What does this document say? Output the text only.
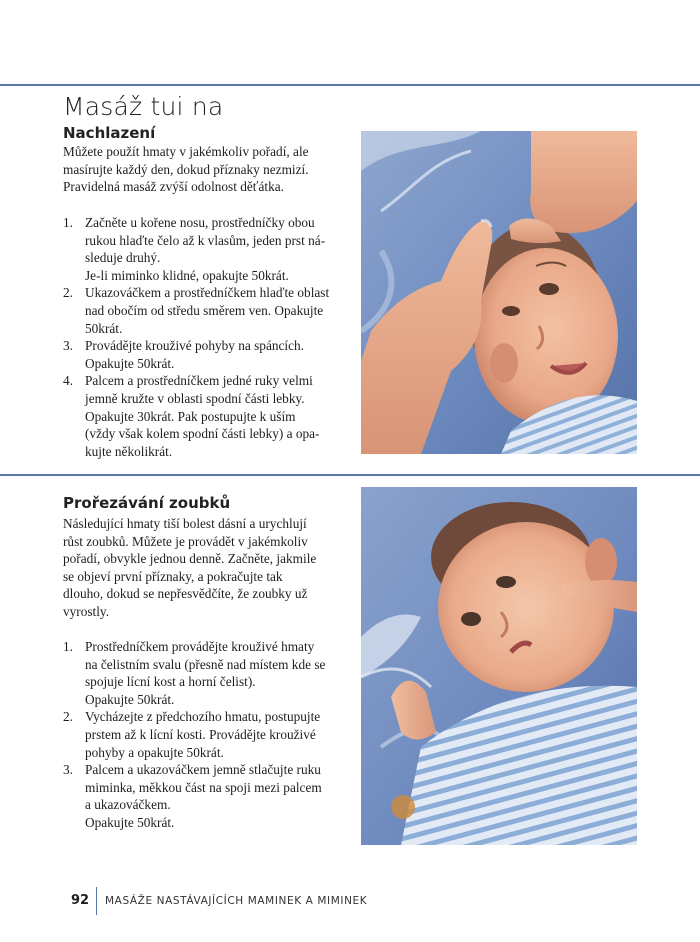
Masáž tui na
Nachlazení

Můžete použít hmaty v jakémkoliv pořadí, ale
masírujte každý den, dokud příznaky nezmizí.
Pravidelná masáž zvýší odolnost děťátka.

1. Začněte u kořene nosu, prostředníčky obou
rukou hlaďte čelo až k vlasům, jeden prst ná-
sleduje druhý.
Je-li miminko klidné, opakujte 50krát.
2. Ukazováčkem a prostředníčkem hlaďte oblast
nad obočím od středu směrem ven. Opakujte
50krát.
3. Provádějte krouživé pohyby na spáncích.
Opakujte 50krát.
4. Palcem a prostředníčkem jedné ruky velmi
jemně kružte v oblasti spodní části lebky.
Opakujte 30krát. Pak postupujte k uším
(vždy však kolem spodní části lebky) a opa-
kujte několikrát.
Prořezávání zoubků

Následující hmaty tiší bolest dásní a urychlují
růst zoubků. Můžete je provádět v jakémkoliv
pořadí, obvykle jednou denně. Začněte, jakmile
se objeví první příznaky, a pokračujte tak
dlouho, dokud se nepřesvědčíte, že zoubky už
vyrostly.

1. Prostředníčkem provádějte krouživé hmaty
na čelistním svalu (přesně nad místem kde se
spojuje lícní kost a horní čelist).
Opakujte 50krát.
2. Vycházejte z předchozího hmatu, postupujte
prstem až k lícní kosti. Provádějte krouživé
pohyby a opakujte 50krát.
3. Palcem a ukazováčkem jemně stlačujte ruku
miminka, měkkou část na spoji mezi palcem
a ukazováčkem.
Opakujte 50krát.
92 MASÁŽE NASTÁVAJÍCÍCH MAMINEK A MIMINEK
